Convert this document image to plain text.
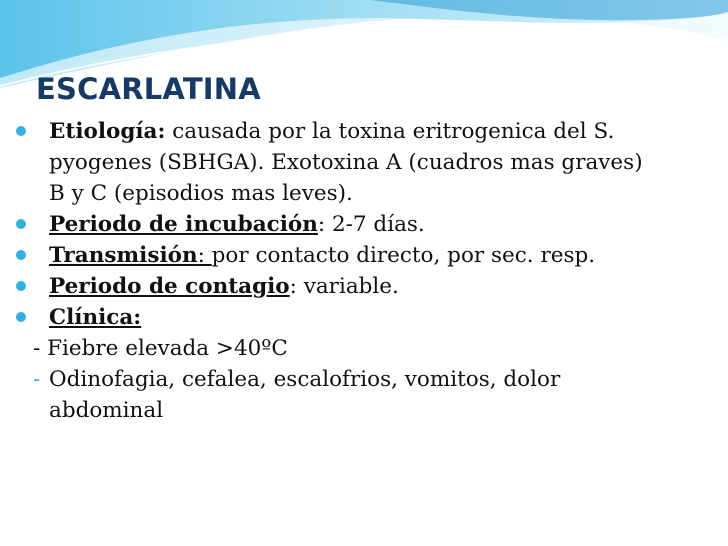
ESCARLATINA
Etiología: causada por la toxina eritrogenica del S.
pyogenes (SBHGA). Exotoxina A (cuadros mas graves)
B y C (episodios mas leves).
Periodo de incubación: 2-7 días.
Transmisión: por contacto directo, por sec. resp.
Periodo de contagio: variable.
Clínica:
- Fiebre elevada >40ºC
- Odinofagia, cefalea, escalofrios, vomitos, dolor
abdominal
